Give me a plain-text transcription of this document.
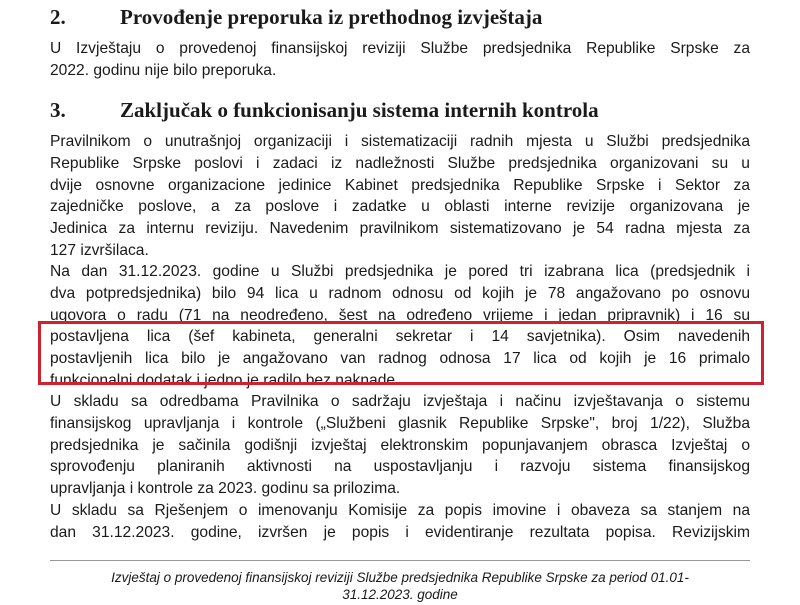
2.	Provođenje preporuka iz prethodnog izvještaja
U Izvještaju o provedenoj finansijskoj reviziji Službe predsjednika Republike Srpske za
2022. godinu nije bilo preporuka.
3.	Zaključak o funkcionisanju sistema internih kontrola
Pravilnikom o unutrašnjoj organizaciji i sistematizaciji radnih mjesta u Službi predsjednika
Republike Srpske poslovi i zadaci iz nadležnosti Službe predsjednika organizovani su u
dvije osnovne organizacione jedinice Kabinet predsjednika Republike Srpske i Sektor za
zajedničke poslove, a za poslove i zadatke u oblasti interne revizije organizovana je
Jedinica za internu reviziju. Navedenim pravilnikom sistematizovano je 54 radna mjesta za
127 izvršilaca.
Na dan 31.12.2023. godine u Službi predsjednika je pored tri izabrana lica (predsjednik i
dva potpredsjednika) bilo 94 lica u radnom odnosu od kojih je 78 angažovano po osnovu
ugovora o radu (71 na neodređeno, šest na određeno vrijeme i jedan pripravnik) i 16 su
postavljena lica (šef kabineta, generalni sekretar i 14 savjetnika). Osim navedenih
postavljenih lica bilo je angažovano van radnog odnosa 17 lica od kojih je 16 primalo
funkcionalni dodatak i jedno je radilo bez naknade.
U skladu sa odredbama Pravilnika o sadržaju izvještaja i načinu izvještavanja o sistemu
finansijskog upravljanja i kontrole („Službeni glasnik Republike Srpske", broj 1/22), Služba
predsjednika je sačinila godišnji izvještaj elektronskim popunjavanjem obrasca Izvještaj o
sprovođenju planiranih aktivnosti na uspostavljanju i razvoju sistema finansijskog
upravljanja i kontrole za 2023. godinu sa prilozima.
U skladu sa Rješenjem o imenovanju Komisije za popis imovine i obaveza sa stanjem na
dan 31.12.2023. godine, izvršen je popis i evidentiranje rezultata popisa. Revizijskim
Izvještaj o provedenoj finansijskoj reviziji Službe predsjednika Republike Srpske za period 01.01-
31.12.2023. godine
